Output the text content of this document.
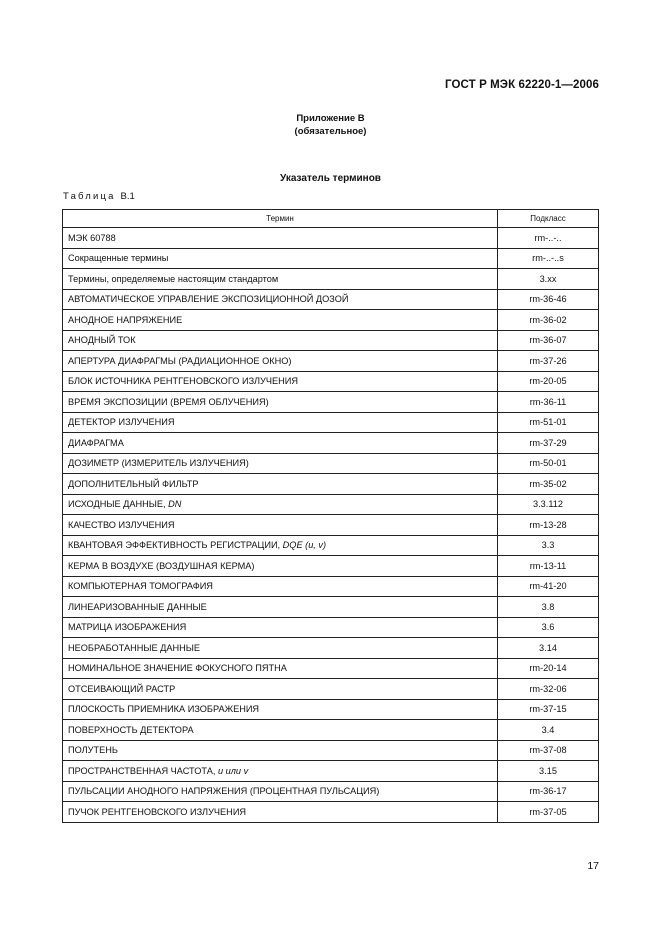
ГОСТ Р МЭК 62220-1—2006
Приложение В
(обязательное)
Указатель терминов
Таблица В.1
Термин	Подкласс
МЭК 60788	rm-..-..
Сокращенные термины	rm-..-..s
Термины, определяемые настоящим стандартом	3.xx
АВТОМАТИЧЕСКОЕ УПРАВЛЕНИЕ ЭКСПОЗИЦИОННОЙ ДОЗОЙ	rm-36-46
АНОДНОЕ НАПРЯЖЕНИЕ	rm-36-02
АНОДНЫЙ ТОК	rm-36-07
АПЕРТУРА ДИАФРАГМЫ (РАДИАЦИОННОЕ ОКНО)	rm-37-26
БЛОК ИСТОЧНИКА РЕНТГЕНОВСКОГО ИЗЛУЧЕНИЯ	rm-20-05
ВРЕМЯ ЭКСПОЗИЦИИ (ВРЕМЯ ОБЛУЧЕНИЯ)	rm-36-11
ДЕТЕКТОР ИЗЛУЧЕНИЯ	rm-51-01
ДИАФРАГМА	rm-37-29
ДОЗИМЕТР (ИЗМЕРИТЕЛЬ ИЗЛУЧЕНИЯ)	rm-50-01
ДОПОЛНИТЕЛЬНЫЙ ФИЛЬТР	rm-35-02
ИСХОДНЫЕ ДАННЫЕ, DN	3.3.112
КАЧЕСТВО ИЗЛУЧЕНИЯ	rm-13-28
КВАНТОВАЯ ЭФФЕКТИВНОСТЬ РЕГИСТРАЦИИ, DQE (u, v)	3.3
КЕРМА В ВОЗДУХЕ (ВОЗДУШНАЯ КЕРМА)	rm-13-11
КОМПЬЮТЕРНАЯ ТОМОГРАФИЯ	rm-41-20
ЛИНЕАРИЗОВАННЫЕ ДАННЫЕ	3.8
МАТРИЦА ИЗОБРАЖЕНИЯ	3.6
НЕОБРАБОТАННЫЕ ДАННЫЕ	3.14
НОМИНАЛЬНОЕ ЗНАЧЕНИЕ ФОКУСНОГО ПЯТНА	rm-20-14
ОТСЕИВАЮЩИЙ РАСТР	rm-32-06
ПЛОСКОСТЬ ПРИЕМНИКА ИЗОБРАЖЕНИЯ	rm-37-15
ПОВЕРХНОСТЬ ДЕТЕКТОРА	3.4
ПОЛУТЕНЬ	rm-37-08
ПРОСТРАНСТВЕННАЯ ЧАСТОТА, u или v	3.15
ПУЛЬСАЦИИ АНОДНОГО НАПРЯЖЕНИЯ (ПРОЦЕНТНАЯ ПУЛЬСАЦИЯ)	rm-36-17
ПУЧОК РЕНТГЕНОВСКОГО ИЗЛУЧЕНИЯ	rm-37-05
17
